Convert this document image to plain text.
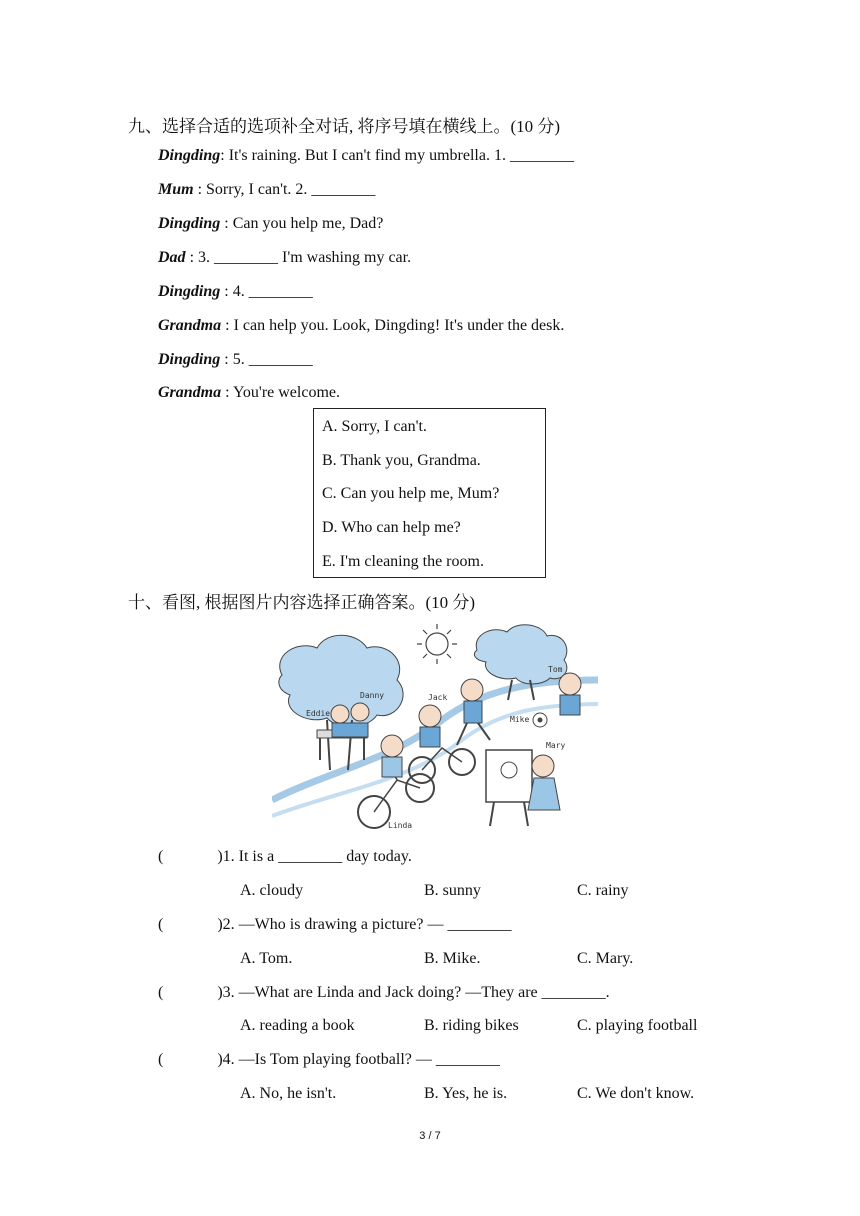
九、选择合适的选项补全对话, 将序号填在横线上。(10 分)
Dingding: It's raining. But I can't find my umbrella. 1. ________
Mum : Sorry, I can't. 2. ________
Dingding : Can you help me, Dad?
Dad : 3. ________ I'm washing my car.
Dingding : 4. ________
Grandma : I can help you. Look, Dingding! It's under the desk.
Dingding : 5. ________
Grandma : You're welcome.
A. Sorry, I can't.
B. Thank you, Grandma.
C. Can you help me, Mum?
D. Who can help me?
E. I'm cleaning the room.
十、看图, 根据图片内容选择正确答案。(10 分)
Tom
Danny
Eddie
Jack
Mike
Mary
Linda
(	)1. It is a ________ day today.
A. cloudy	B. sunny	C. rainy
(	)2. —Who is drawing a picture? — ________
A. Tom.	B. Mike.	C. Mary.
(	)3. —What are Linda and Jack doing? —They are ________.
A. reading a book	B. riding bikes	C. playing football
(	)4. —Is Tom playing football? — ________
A. No, he isn't.	B. Yes, he is.	C. We don't know.
3 / 7
